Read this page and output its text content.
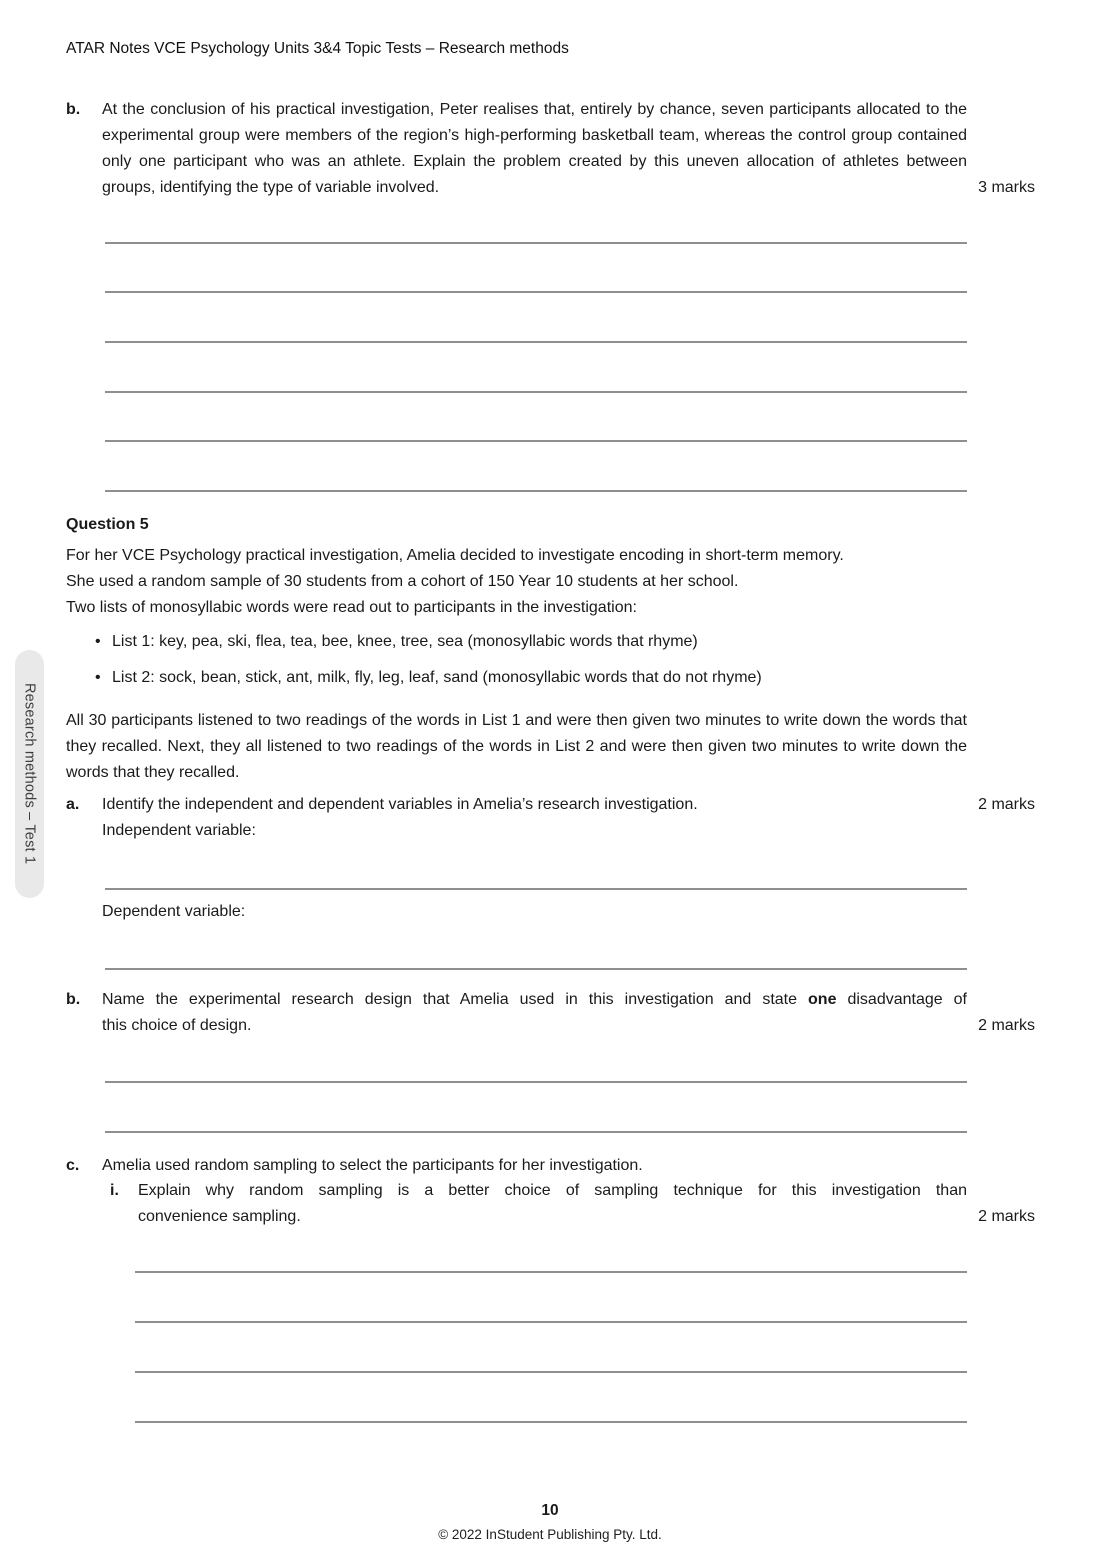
ATAR Notes VCE Psychology Units 3&4 Topic Tests – Research methods
Research methods – Test 1
b.	At the conclusion of his practical investigation, Peter realises that, entirely by chance, seven participants allocated to the experimental group were members of the region’s high-performing basketball team, whereas the control group contained only one participant who was an athlete. Explain the problem created by this uneven allocation of athletes between groups, identifying the type of variable involved.	3 marks
Question 5
For her VCE Psychology practical investigation, Amelia decided to investigate encoding in short-term memory.
She used a random sample of 30 students from a cohort of 150 Year 10 students at her school.
Two lists of monosyllabic words were read out to participants in the investigation:
• List 1: key, pea, ski, flea, tea, bee, knee, tree, sea (monosyllabic words that rhyme)
• List 2: sock, bean, stick, ant, milk, fly, leg, leaf, sand (monosyllabic words that do not rhyme)
All 30 participants listened to two readings of the words in List 1 and were then given two minutes to write down the words that they recalled. Next, they all listened to two readings of the words in List 2 and were then given two minutes to write down the words that they recalled.
a.	Identify the independent and dependent variables in Amelia’s research investigation.	2 marks
Independent variable:
Dependent variable:
b.	Name the experimental research design that Amelia used in this investigation and state one disadvantage of
this choice of design.	2 marks
c.	Amelia used random sampling to select the participants for her investigation.
i.	Explain why random sampling is a better choice of sampling technique for this investigation than
convenience sampling.	2 marks
10
© 2022 InStudent Publishing Pty. Ltd.
